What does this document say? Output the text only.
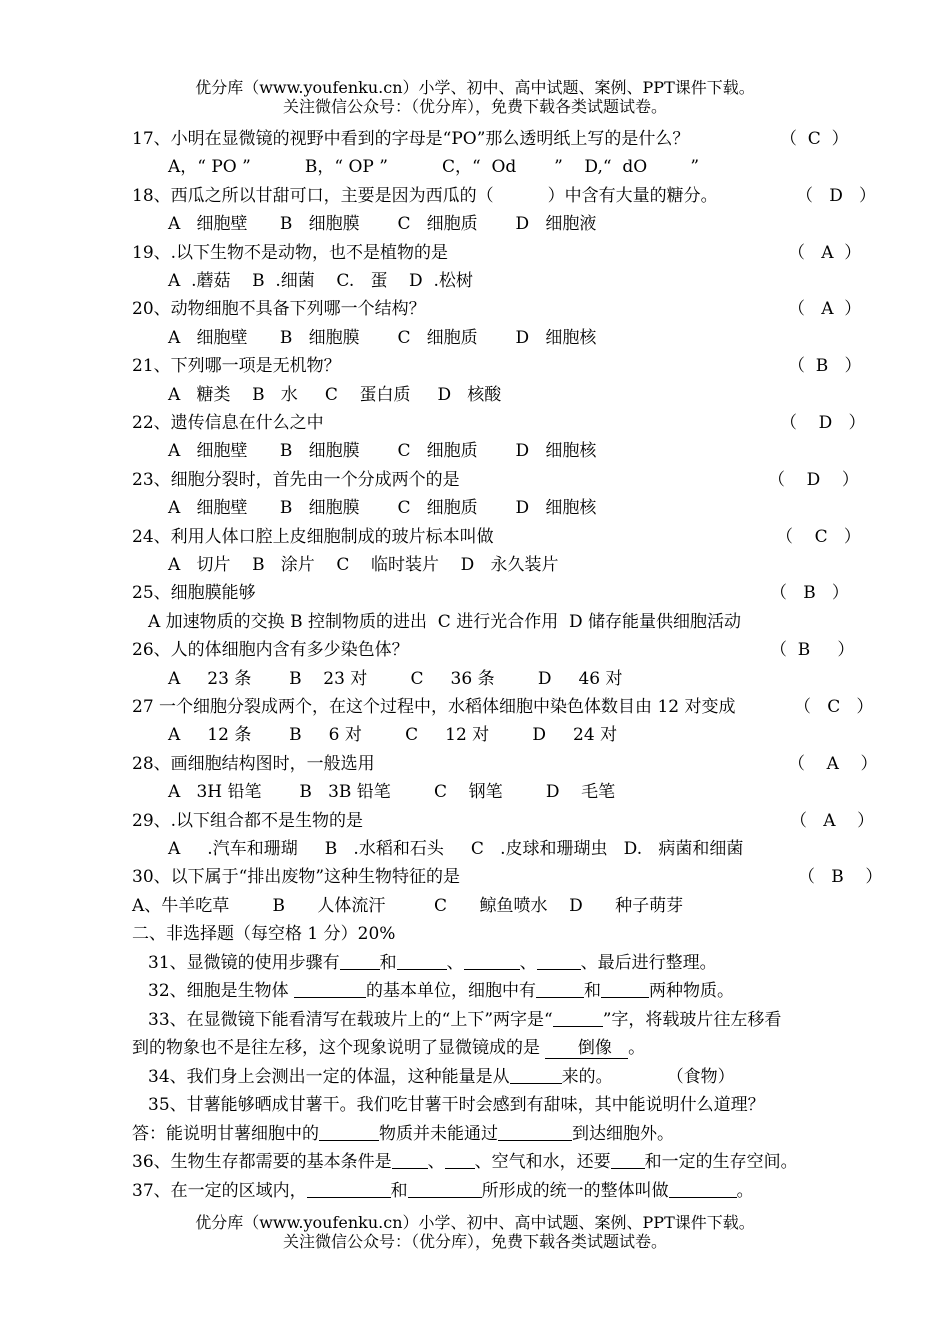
优分库（www.youfenku.cn）小学、初中、高中试题、案例、PPT课件下载。
关注微信公众号：（优分库），免费下载各类试题试卷。
17、小明在显微镜的视野中看到的字母是“PO”那么透明纸上写的是什么？	（  C  ）
A，“ PO ”          B，“ OP ”          C，“  Od       ”    D,“  dO        ”
18、西瓜之所以甘甜可口，主要是因为西瓜的（          ）中含有大量的糖分。	（   D   ）
A   细胞壁      B   细胞膜       C   细胞质       D   细胞液
19、.以下生物不是动物，也不是植物的是	（   A  ）
A  .蘑菇    B  .细菌    C.   蛋    D  .松树
20、动物细胞不具备下列哪一个结构？	（   A  ）
A   细胞壁      B   细胞膜       C   细胞质       D   细胞核
21、下列哪一项是无机物？	（  B   ）
A   糖类    B   水     C    蛋白质     D   核酸
22、遗传信息在什么之中	（    D   ）
A   细胞壁      B   细胞膜       C   细胞质       D   细胞核
23、细胞分裂时，首先由一个分成两个的是	（    D    ）
A   细胞壁      B   细胞膜       C   细胞质       D   细胞核
24、利用人体口腔上皮细胞制成的玻片标本叫做	（    C   ）
A   切片    B   涂片    C    临时装片    D   永久装片
25、细胞膜能够	（   B   ）
A 加速物质的交换 B 控制物质的进出  C 进行光合作用  D 储存能量供细胞活动
26、人的体细胞内含有多少染色体？	（  B     ）
A     23 条       B    23 对        C     36 条        D     46 对
27 一个细胞分裂成两个，在这个过程中，水稻体细胞中染色体数目由 12 对变成	（   C   ）
A     12 条       B     6 对        C     12 对        D     24 对
28、画细胞结构图时，一般选用	（    A    ）
A   3H 铅笔       B   3B 铅笔        C    钢笔        D    毛笔
29、.以下组合都不是生物的是	（   A    ）
A     .汽车和珊瑚     B   .水稻和石头     C   .皮球和珊瑚虫   D.   病菌和细菌
30、以下属于“排出废物”这种生物特征的是	（   B    ）
A、牛羊吃草        B      人体流汗         C      鲸鱼喷水    D      种子萌芽
二、非选择题（每空格 1 分）20%
31、显微镜的使用步骤有 和	、	、	、最后进行整理。
32、细胞是生物体	的基本单位，细胞中有	和	两种物质。
33、在显微镜下能看清写在载玻片上的“上下”两字是“	”字，将载玻片往左移看
到的物象也不是往左移，这个现象说明了显微镜成的是       倒像 。
34、我们身上会测出一定的体温，这种能量是从	来的。	（食物）
35、甘薯能够晒成甘薯干。我们吃甘薯干时会感到有甜味，其中能说明什么道理？
答：能说明甘薯细胞中的	物质并未能通过	到达细胞外。
36、生物生存都需要的基本条件是 、 、空气和水，还要 和一定的生存空间。
37、在一定的区域内，	和	所形成的统一的整体叫做	。
优分库（www.youfenku.cn）小学、初中、高中试题、案例、PPT课件下载。
关注微信公众号：（优分库），免费下载各类试题试卷。
